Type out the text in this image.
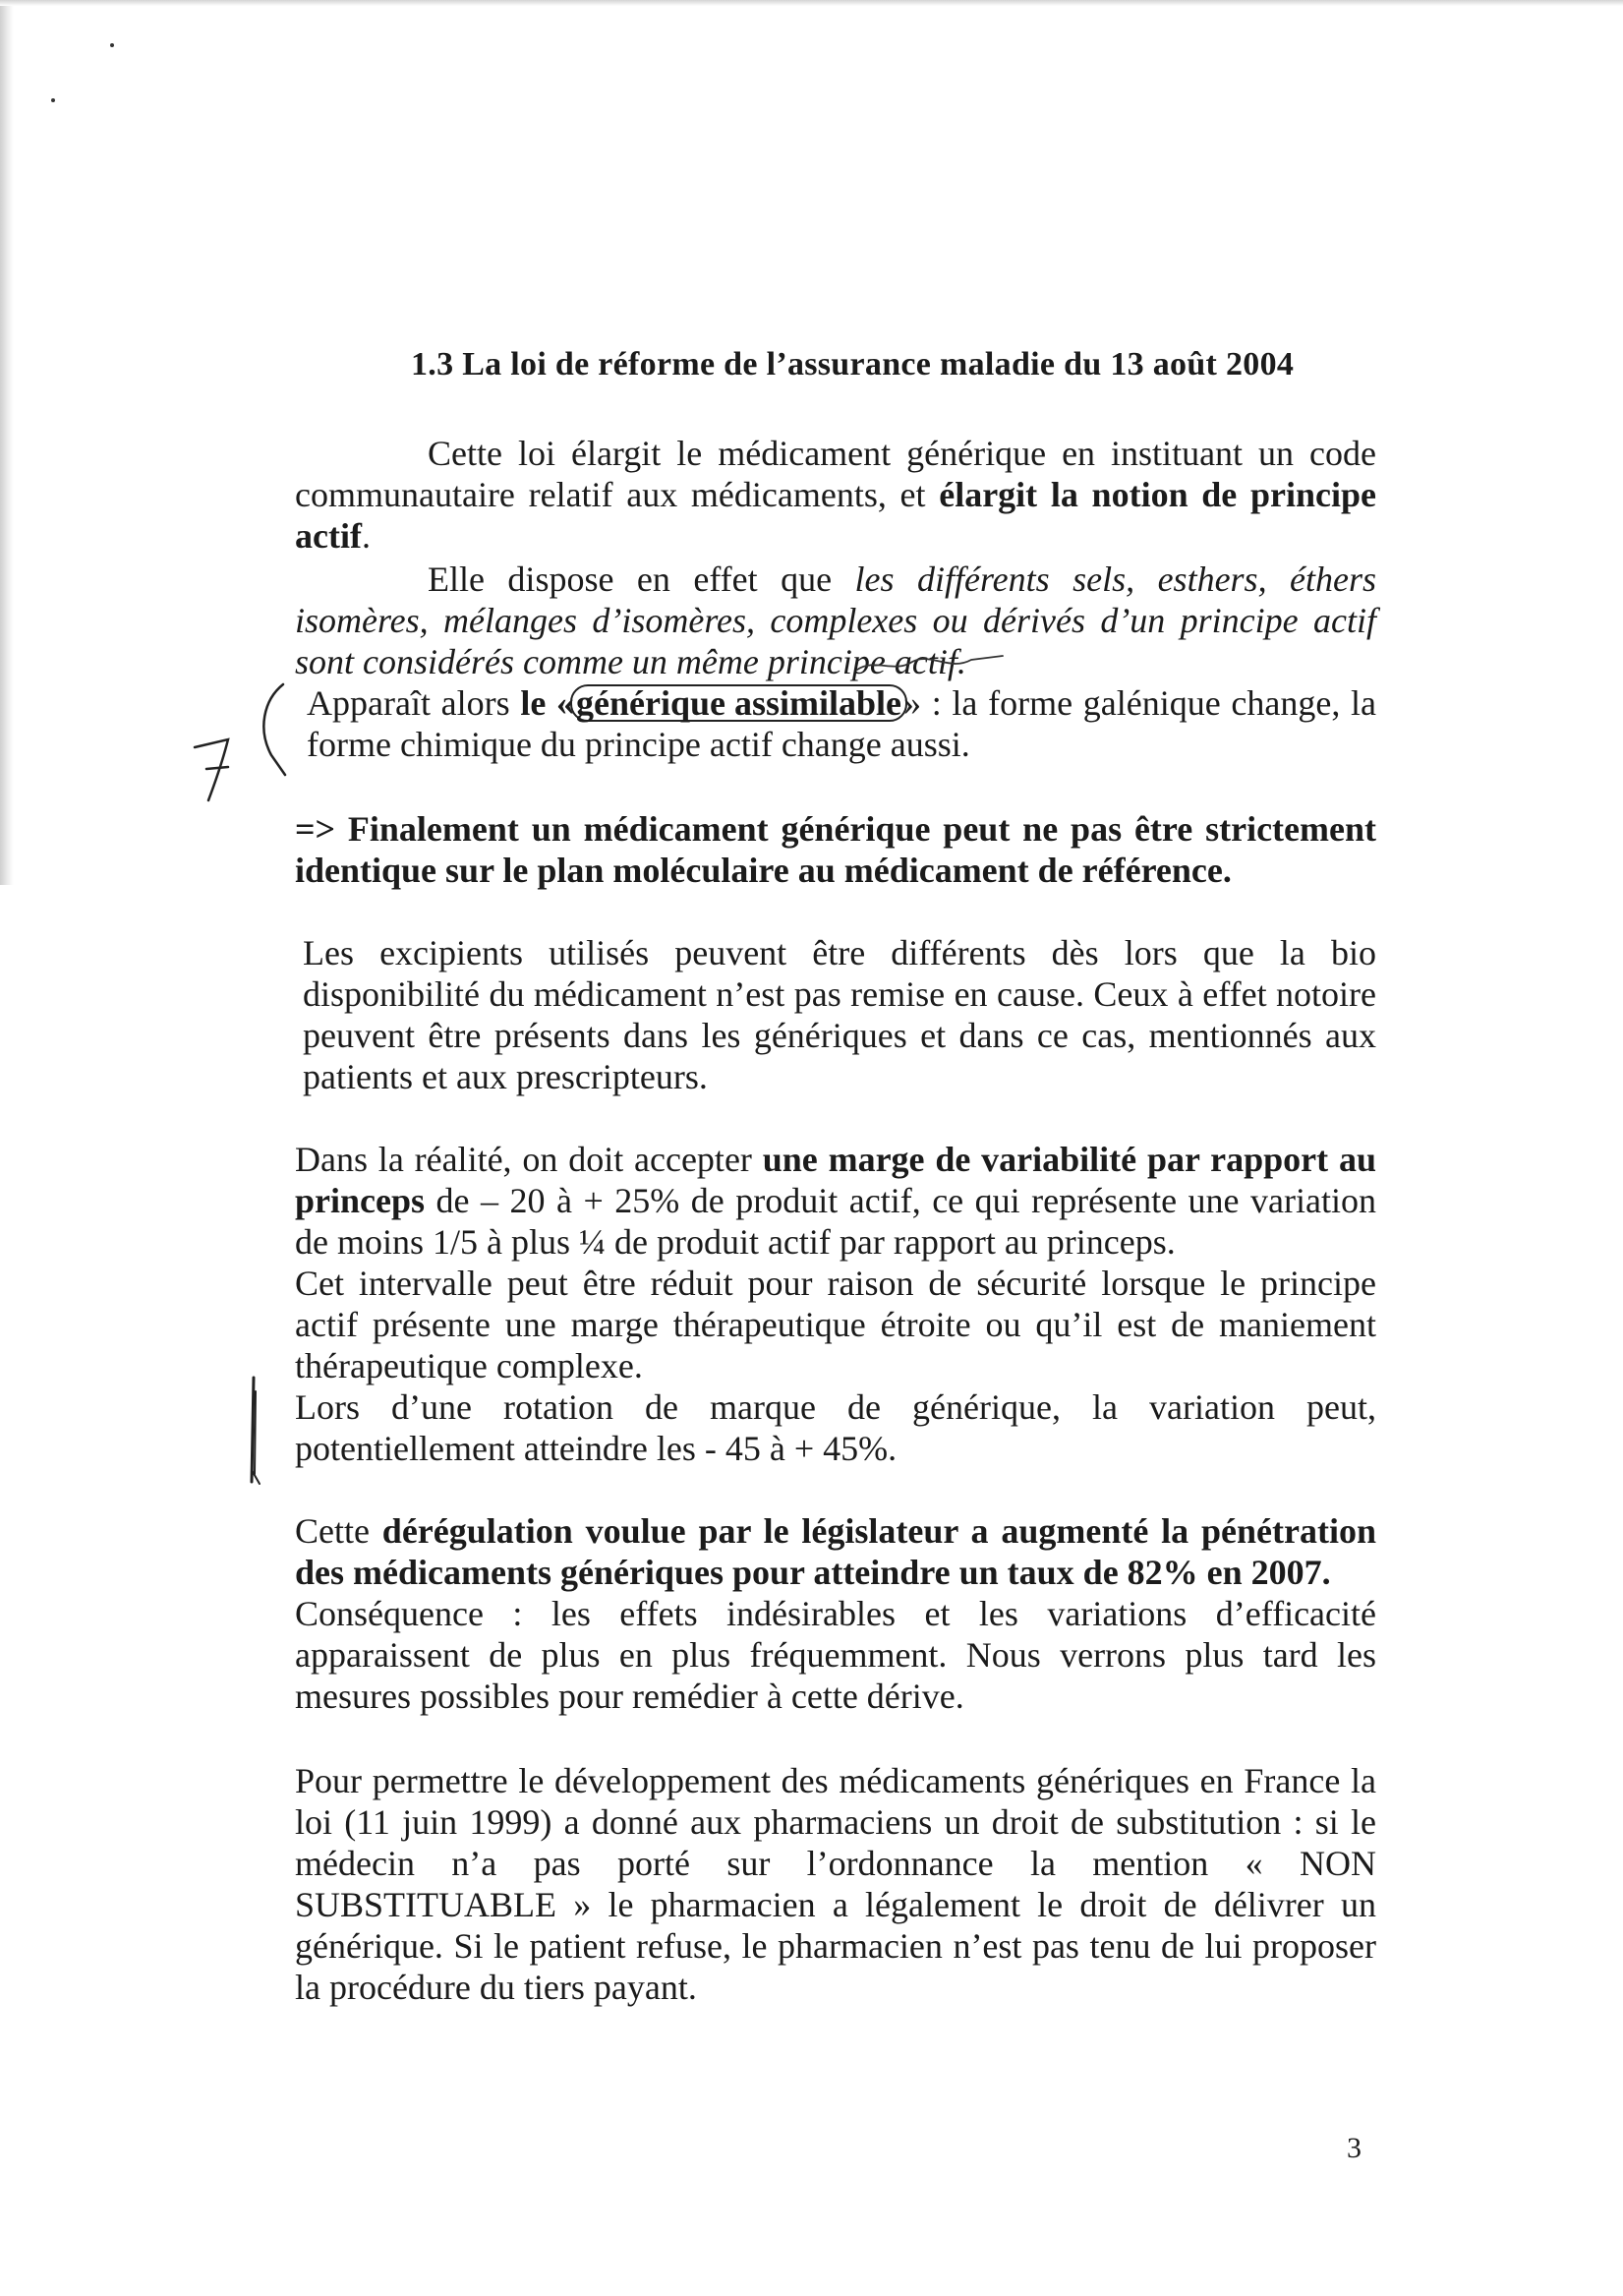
1.3 La loi de réforme de l’assurance maladie du 13 août 2004
Cette loi élargit le médicament générique en instituant un code communautaire relatif aux médicaments, et élargit la notion de principe actif.
Elle dispose en effet que les différents sels, esthers, éthers isomères, mélanges d’isomères, complexes ou dérivés d’un principe actif sont considérés comme un même principe actif.
Apparaît alors le «générique assimilable» : la forme galénique change, la forme chimique du principe actif change aussi.
=> Finalement un médicament générique peut ne pas être strictement identique sur le plan moléculaire au médicament de référence.
Les excipients utilisés peuvent être différents dès lors que la bio disponibilité du médicament n’est pas remise en cause. Ceux à effet notoire peuvent être présents dans les génériques et dans ce cas, mentionnés aux patients et aux prescripteurs.
Dans la réalité, on doit accepter une marge de variabilité par rapport au princeps de – 20 à + 25% de produit actif, ce qui représente une variation de moins 1/5 à plus ¼ de produit actif par rapport au princeps.
Cet intervalle peut être réduit pour raison de sécurité lorsque le principe actif présente une marge thérapeutique étroite ou qu’il est de maniement thérapeutique complexe.
Lors d’une rotation de marque de générique, la variation peut, potentiellement atteindre les - 45 à + 45%.
Cette dérégulation voulue par le législateur a augmenté la pénétration des médicaments génériques pour atteindre un taux de 82% en 2007.
Conséquence : les effets indésirables et les variations d’efficacité apparaissent de plus en plus fréquemment. Nous verrons plus tard les mesures possibles pour remédier à cette dérive.
Pour permettre le développement des médicaments génériques en France la loi (11 juin 1999) a donné aux pharmaciens un droit de substitution : si le médecin n’a pas porté sur l’ordonnance la mention « NON SUBSTITUABLE » le pharmacien a légalement le droit de délivrer un générique. Si le patient refuse, le pharmacien n’est pas tenu de lui proposer la procédure du tiers payant.
3
